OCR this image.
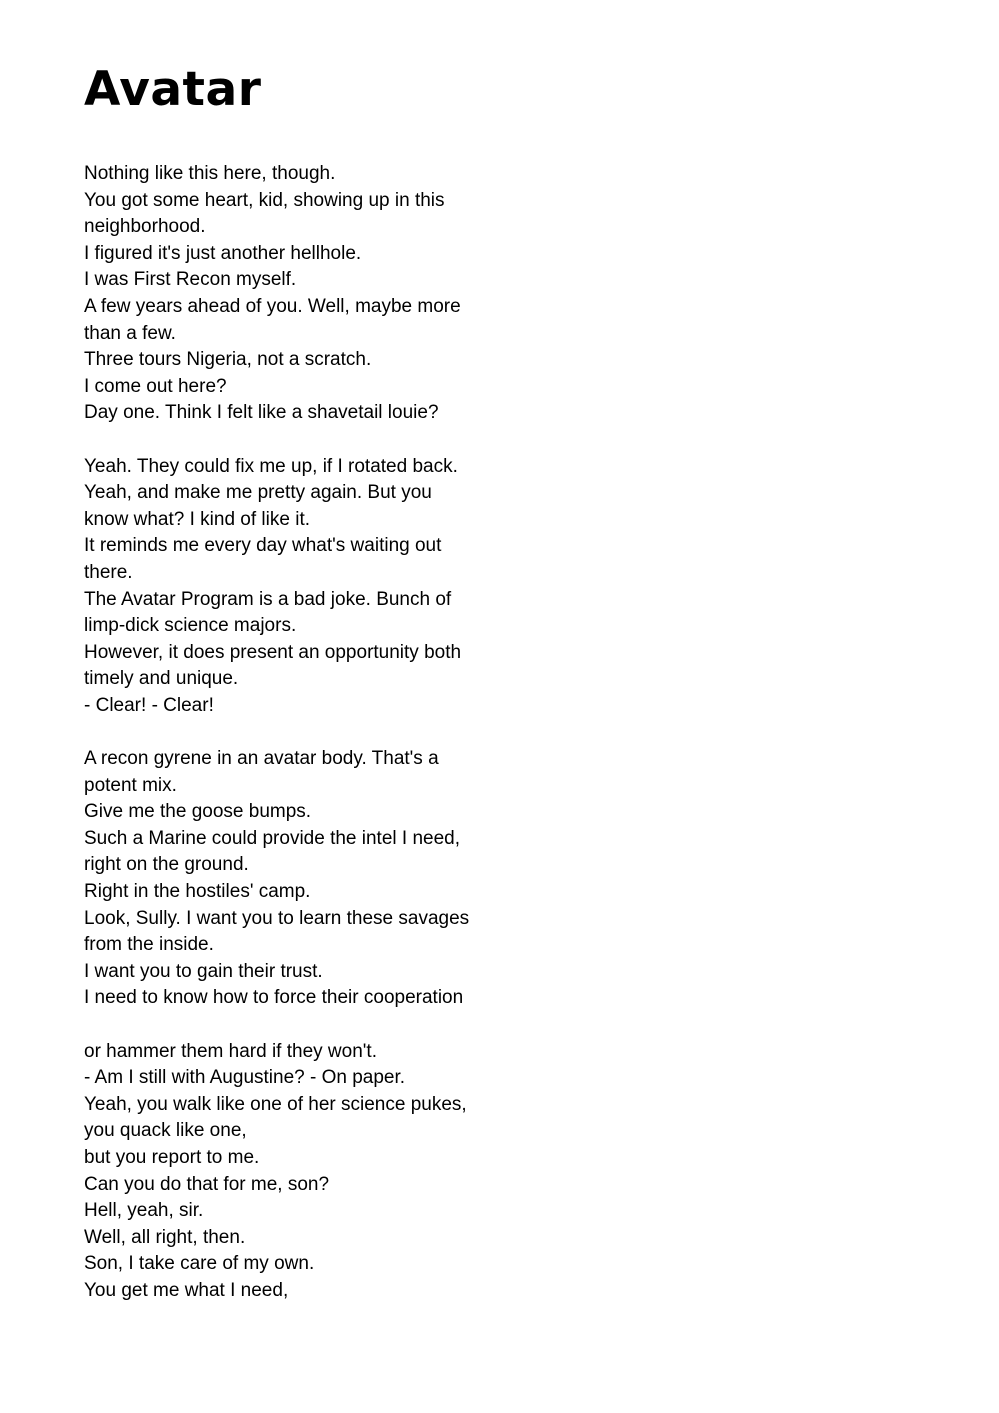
Avatar
Nothing like this here, though.
You got some heart, kid, showing up in this
neighborhood.
I figured it's just another hellhole.
I was First Recon myself.
A few years ahead of you. Well, maybe more
than a few.
Three tours Nigeria, not a scratch.
I come out here?
Day one. Think I felt like a shavetail louie?
Yeah. They could fix me up, if I rotated back.
Yeah, and make me pretty again. But you
know what? I kind of like it.
It reminds me every day what's waiting out
there.
The Avatar Program is a bad joke. Bunch of
limp-dick science majors.
However, it does present an opportunity both
timely and unique.
- Clear! - Clear!
A recon gyrene in an avatar body. That's a
potent mix.
Give me the goose bumps.
Such a Marine could provide the intel I need,
right on the ground.
Right in the hostiles' camp.
Look, Sully. I want you to learn these savages
from the inside.
I want you to gain their trust.
I need to know how to force their cooperation
or hammer them hard if they won't.
- Am I still with Augustine? - On paper.
Yeah, you walk like one of her science pukes,
you quack like one,
but you report to me.
Can you do that for me, son?
Hell, yeah, sir.
Well, all right, then.
Son, I take care of my own.
You get me what I need,
